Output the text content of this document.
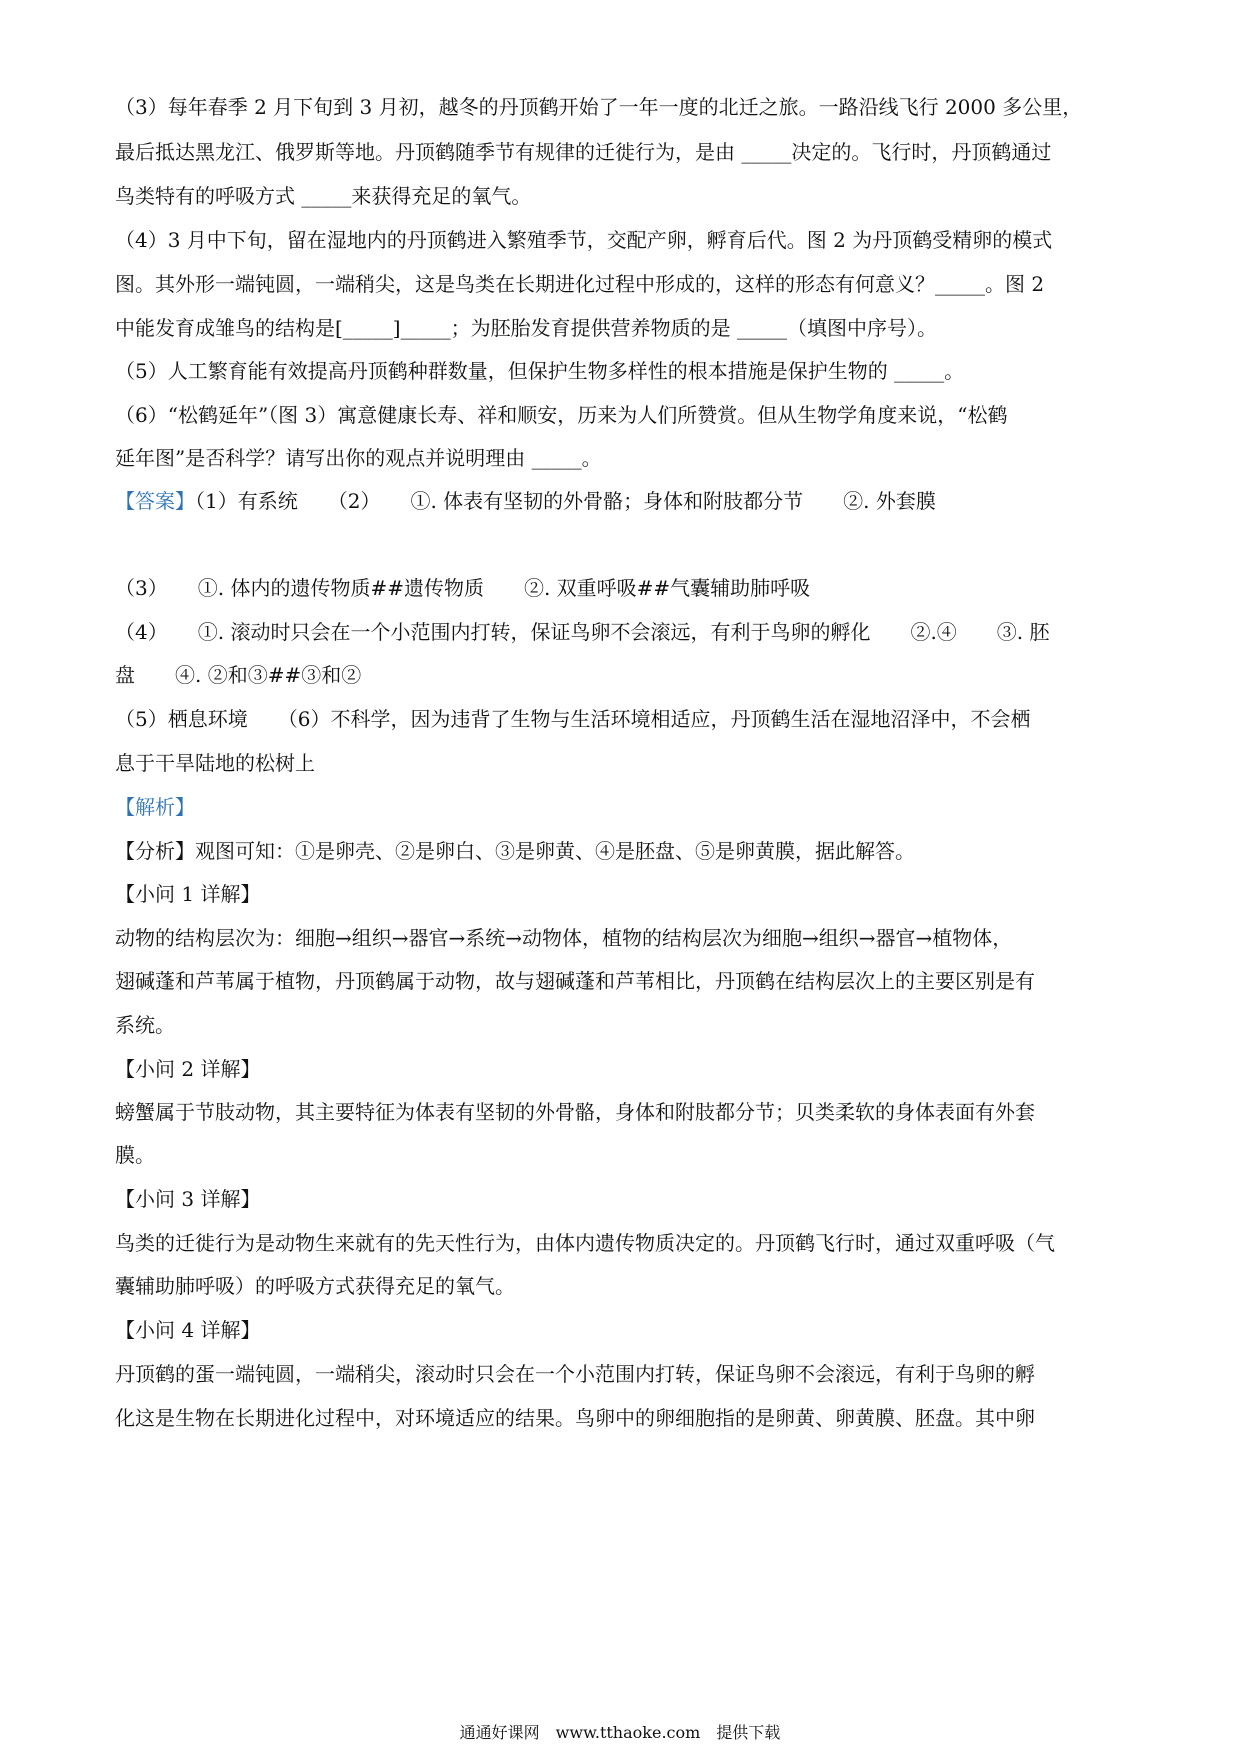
（3）每年春季 2 月下旬到 3 月初，越冬的丹顶鹤开始了一年一度的北迁之旅。一路沿线飞行 2000 多公里，
最后抵达黑龙江、俄罗斯等地。丹顶鹤随季节有规律的迁徙行为，是由 _____决定的。飞行时，丹顶鹤通过
鸟类特有的呼吸方式 _____来获得充足的氧气。
（4）3 月中下旬，留在湿地内的丹顶鹤进入繁殖季节，交配产卵，孵育后代。图 2 为丹顶鹤受精卵的模式
图。其外形一端钝圆，一端稍尖，这是鸟类在长期进化过程中形成的，这样的形态有何意义？_____。图 2
中能发育成雏鸟的结构是[_____]_____；为胚胎发育提供营养物质的是 _____（填图中序号）。
（5）人工繁育能有效提高丹顶鹤种群数量，但保护生物多样性的根本措施是保护生物的 _____。
（6）“松鹤延年”（图 3）寓意健康长寿、祥和顺安，历来为人们所赞赏。但从生物学角度来说，“松鹤
延年图”是否科学？请写出你的观点并说明理由 _____。
【答案】（1）有系统　　（2）　　①. 体表有坚韧的外骨骼；身体和附肢都分节　　②. 外套膜
（3）　　①. 体内的遗传物质##遗传物质　　②. 双重呼吸##气囊辅助肺呼吸
（4）　　①. 滚动时只会在一个小范围内打转，保证鸟卵不会滚远，有利于鸟卵的孵化　　②.④　　③. 胚
盘　　④. ②和③##③和②
（5）栖息环境　　（6）不科学，因为违背了生物与生活环境相适应，丹顶鹤生活在湿地沼泽中，不会栖
息于干旱陆地的松树上
【解析】
【分析】观图可知：①是卵壳、②是卵白、③是卵黄、④是胚盘、⑤是卵黄膜，据此解答。
【小问 1 详解】
动物的结构层次为：细胞→组织→器官→系统→动物体，植物的结构层次为细胞→组织→器官→植物体，
翅碱蓬和芦苇属于植物，丹顶鹤属于动物，故与翅碱蓬和芦苇相比，丹顶鹤在结构层次上的主要区别是有
系统。
【小问 2 详解】
螃蟹属于节肢动物，其主要特征为体表有坚韧的外骨骼，身体和附肢都分节；贝类柔软的身体表面有外套
膜。
【小问 3 详解】
鸟类的迁徙行为是动物生来就有的先天性行为，由体内遗传物质决定的。丹顶鹤飞行时，通过双重呼吸（气
囊辅助肺呼吸）的呼吸方式获得充足的氧气。
【小问 4 详解】
丹顶鹤的蛋一端钝圆，一端稍尖，滚动时只会在一个小范围内打转，保证鸟卵不会滚远，有利于鸟卵的孵
化这是生物在长期进化过程中，对环境适应的结果。鸟卵中的卵细胞指的是卵黄、卵黄膜、胚盘。其中卵
通通好课网　www.tthaoke.com　提供下载
